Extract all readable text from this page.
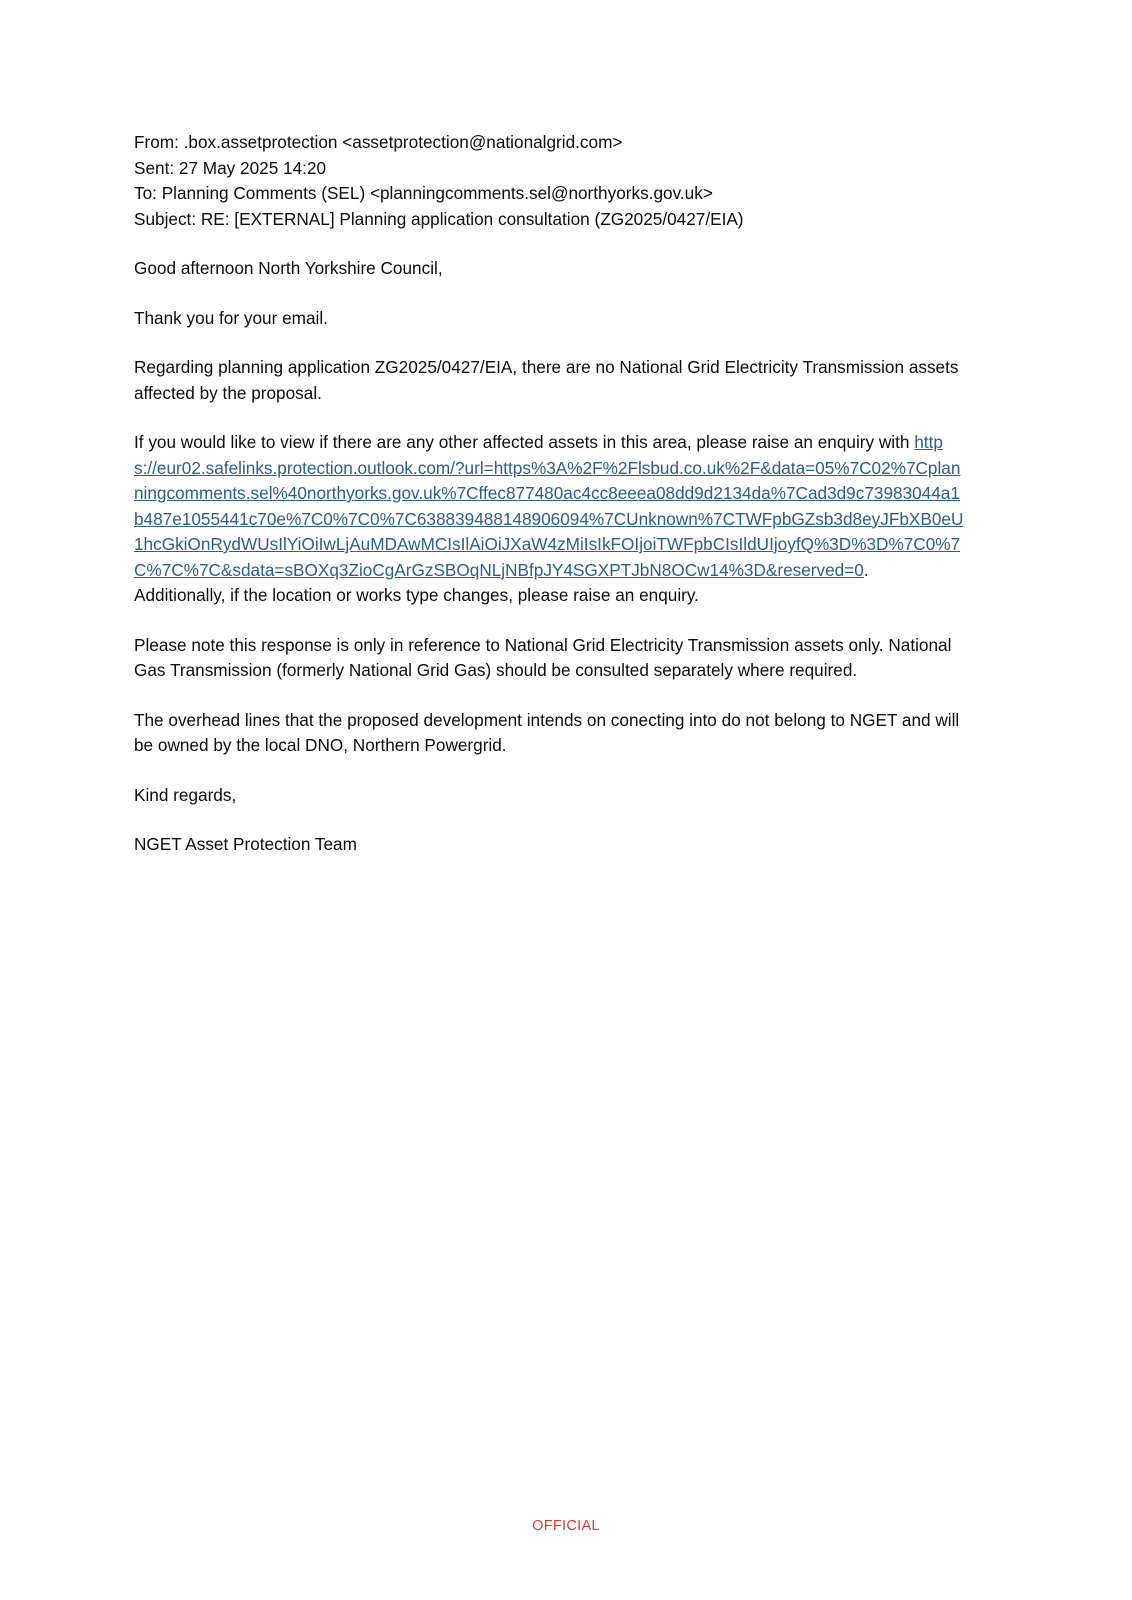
From: .box.assetprotection <assetprotection@nationalgrid.com>
Sent: 27 May 2025 14:20
To: Planning Comments (SEL) <planningcomments.sel@northyorks.gov.uk>
Subject: RE: [EXTERNAL] Planning application consultation (ZG2025/0427/EIA)
Good afternoon North Yorkshire Council,
Thank you for your email.
Regarding planning application ZG2025/0427/EIA, there are no National Grid Electricity Transmission assets affected by the proposal.
If you would like to view if there are any other affected assets in this area, please raise an enquiry with https://eur02.safelinks.protection.outlook.com/?url=https%3A%2F%2Flsbud.co.uk%2F&data=05%7C02%7Cplanningcomments.sel%40northyorks.gov.uk%7Cffec877480ac4cc8eeea08dd9d2134da%7Cad3d9c73983044a1b487e1055441c70e%7C0%7C0%7C638839488148906094%7CUnknown%7CTWFpbGZsb3d8eyJFbXB0eU1hcGkiOnRydWUsIlYiOiIwLjAuMDAwMCIsIlAiOiJXaW4zMiIsIkFOIjoiTWFpbCIsIldUIjoyfQ%3D%3D%7C0%7C%7C%7C&sdata=sBOXq3ZioCgArGzSBOqNLjNBfpJY4SGXPTJbN8OCw14%3D&reserved=0.  Additionally, if the location or works type changes, please raise an enquiry.
Please note this response is only in reference to National Grid Electricity Transmission assets only. National Gas Transmission (formerly National Grid Gas) should be consulted separately where required.
The overhead lines that the proposed development intends on conecting into do not belong to NGET and will be owned by the local DNO, Northern Powergrid.
Kind regards,
NGET Asset Protection Team
OFFICIAL
